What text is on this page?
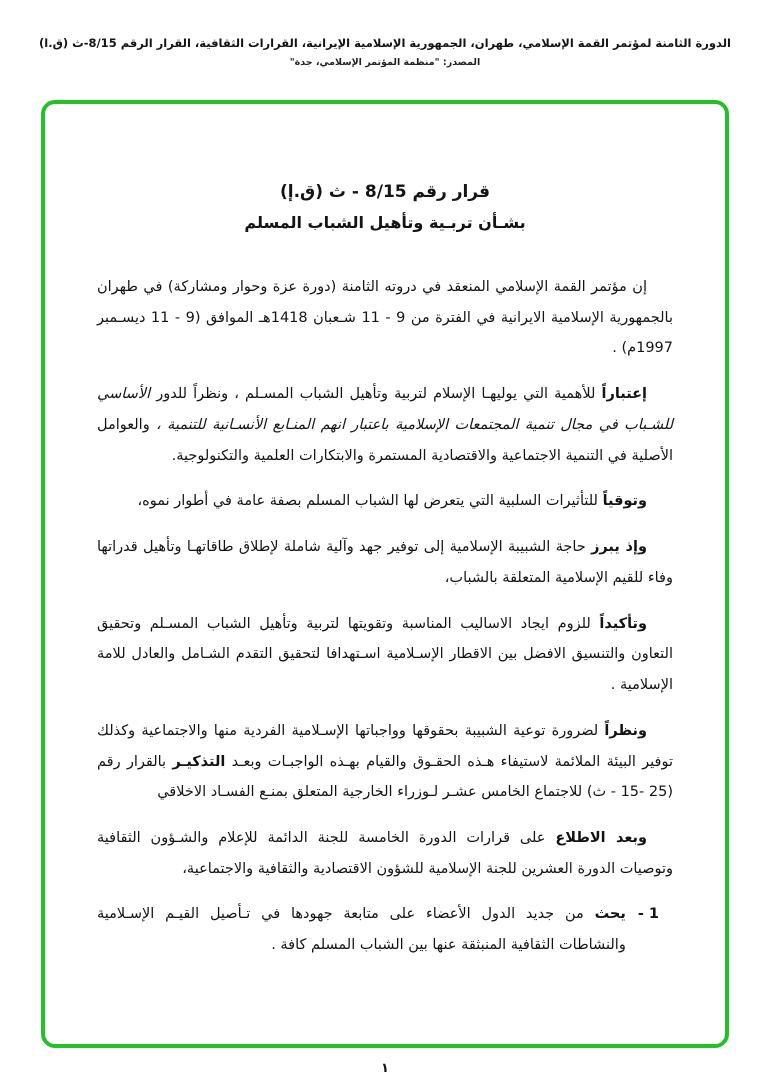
الدورة الثامنة لمؤتمر القمة الإسلامي، طهران، الجمهورية الإسلامية الإيرانية، القرارات الثقافية، القرار الرقم 8/15-ث (ق.ا)
المصدر: "منظمة المؤتمر الإسلامي، جدة"
قرار رقم 8/15 - ث (ق.إ)
بشـأن تربـية وتأهيل الشباب المسلم

إن مؤتمر القمة الإسلامي المنعقد في دروته الثامنة (دورة عزة وحوار ومشاركة) في طهران بالجمهورية الإسلامية الايرانية في الفترة من 9 - 11 شـعبان 1418هـ الموافق (9 - 11 ديسـمبر 1997م) .

إعتباراً للأهمية التي يوليهـا الإسلام لتربية وتأهيل الشباب المسـلم ، ونظراً للدور الأساسي للشـباب في مجال تنمية المجتمعات الإسلامية باعتبار انهم المنـابع الأنسـانية للتنمية ، والعوامل الأصلية في التنمية الاجتماعية والاقتصادية المستمرة والابتكارات العلمية والتكنولوجية.

وتوقياً للتأثيرات السلبية التي يتعرض لها الشباب المسلم بصفة عامة في أطوار نموه،

وإذ يبرز حاجة الشبيبة الإسلامية إلى توفير جهد وآلية شاملة لإطلاق طاقاتهـا وتأهيل قدراتها وفاء للقيم الإسلامية المتعلقة بالشباب،

وتأكيداً للزوم ايجاد الاساليب المناسبة وتقويتها لتربية وتأهيل الشباب المسـلم وتحقيق التعاون والتنسيق الافضل بين الاقطار الإسـلامية اسـتهدافا لتحقيق التقدم الشـامل والعادل للامة الإسلامية .

ونظراً لضرورة توعية الشبيبة بحقوقها وواجباتها الإسـلامية الفردية منها والاجتماعية وكذلك توفير البيئة الملائمة لاستيفاء هـذه الحقـوق والقيام بهـذه الواجبـات وبعـد التذكيـر بالقرار رقم (25 -15 - ث) للاجتماع الخامس عشـر لـوزراء الخارجية المتعلق بمنـع الفسـاد الاخلاقي

وبعد الاطلاع على قرارات الدورة الخامسة للجنة الدائمة للإعلام والشـؤون الثقافية وتوصيات الدورة العشرين للجنة الإسلامية للشؤون الاقتصادية والثقافية والاجتماعية،

1 -
يحث من جديد الدول الأعضاء على متابعة جهودها في تـأصيل القيـم الإسـلامية والنشاطات الثقافية المنبثقة عنها بين الشباب المسلم كافة .
١
